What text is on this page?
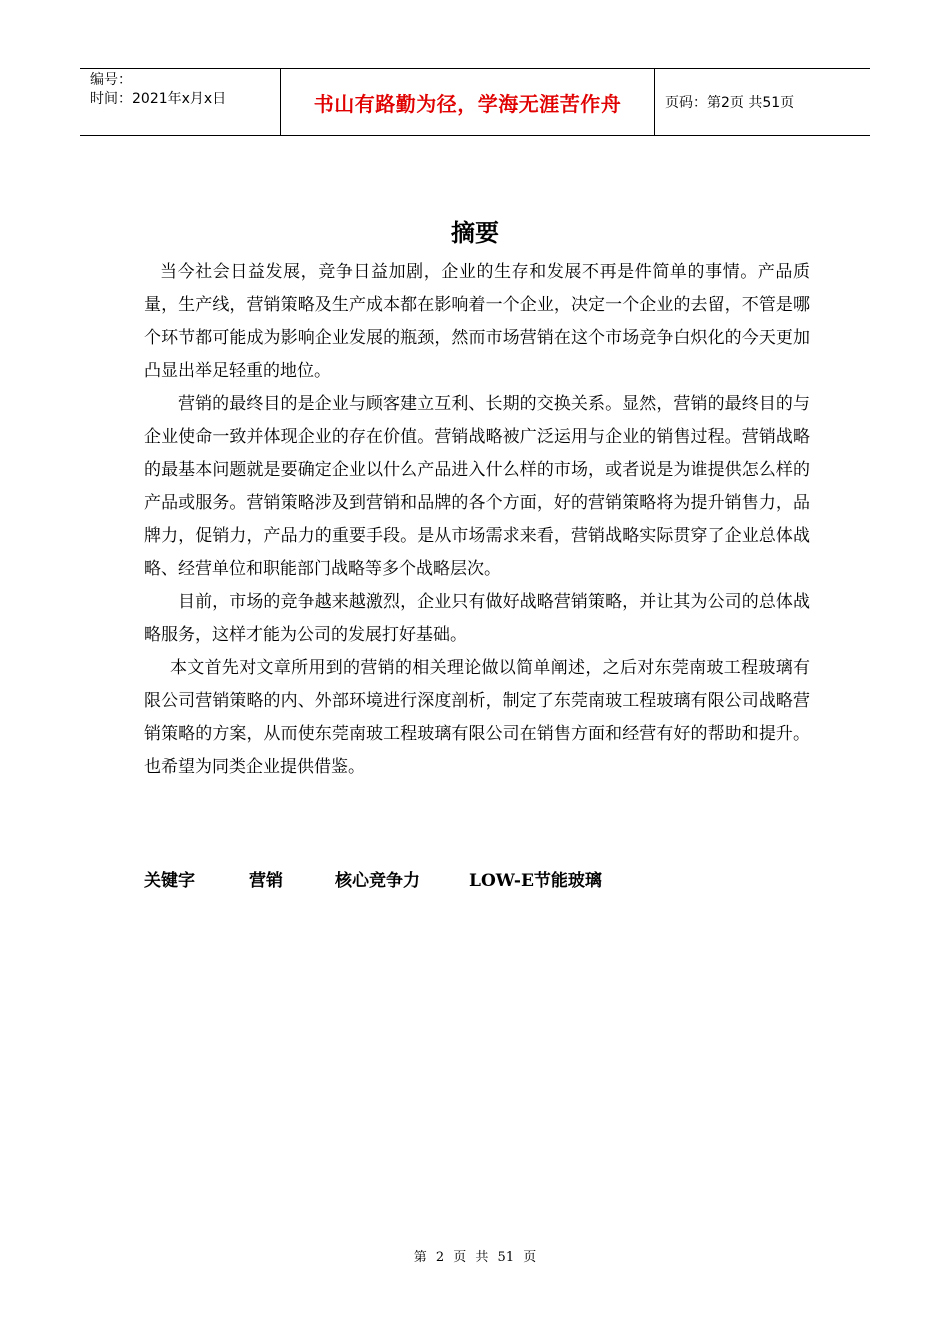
编号：
时间：2021年x月x日	书山有路勤为径，学海无涯苦作舟	页码：第2页 共51页
摘要

当今社会日益发展，竞争日益加剧，企业的生存和发展不再是件简单的事情。产品质量，生产线，营销策略及生产成本都在影响着一个企业，决定一个企业的去留，不管是哪个环节都可能成为影响企业发展的瓶颈，然而市场营销在这个市场竞争白炽化的今天更加凸显出举足轻重的地位。

营销的最终目的是企业与顾客建立互利、长期的交换关系。显然，营销的最终目的与企业使命一致并体现企业的存在价值。营销战略被广泛运用与企业的销售过程。营销战略的最基本问题就是要确定企业以什么产品进入什么样的市场，或者说是为谁提供怎么样的产品或服务。营销策略涉及到营销和品牌的各个方面，好的营销策略将为提升销售力，品牌力，促销力，产品力的重要手段。是从市场需求来看，营销战略实际贯穿了企业总体战略、经营单位和职能部门战略等多个战略层次。

目前，市场的竞争越来越激烈，企业只有做好战略营销策略，并让其为公司的总体战略服务，这样才能为公司的发展打好基础。

本文首先对文章所用到的营销的相关理论做以简单阐述，之后对东莞南玻工程玻璃有限公司营销策略的内、外部环境进行深度剖析，制定了东莞南玻工程玻璃有限公司战略营销策略的方案，从而使东莞南玻工程玻璃有限公司在销售方面和经营有好的帮助和提升。也希望为同类企业提供借鉴。

关键字	营销	核心竞争力	LOW-E节能玻璃
第 2 页 共 51 页
